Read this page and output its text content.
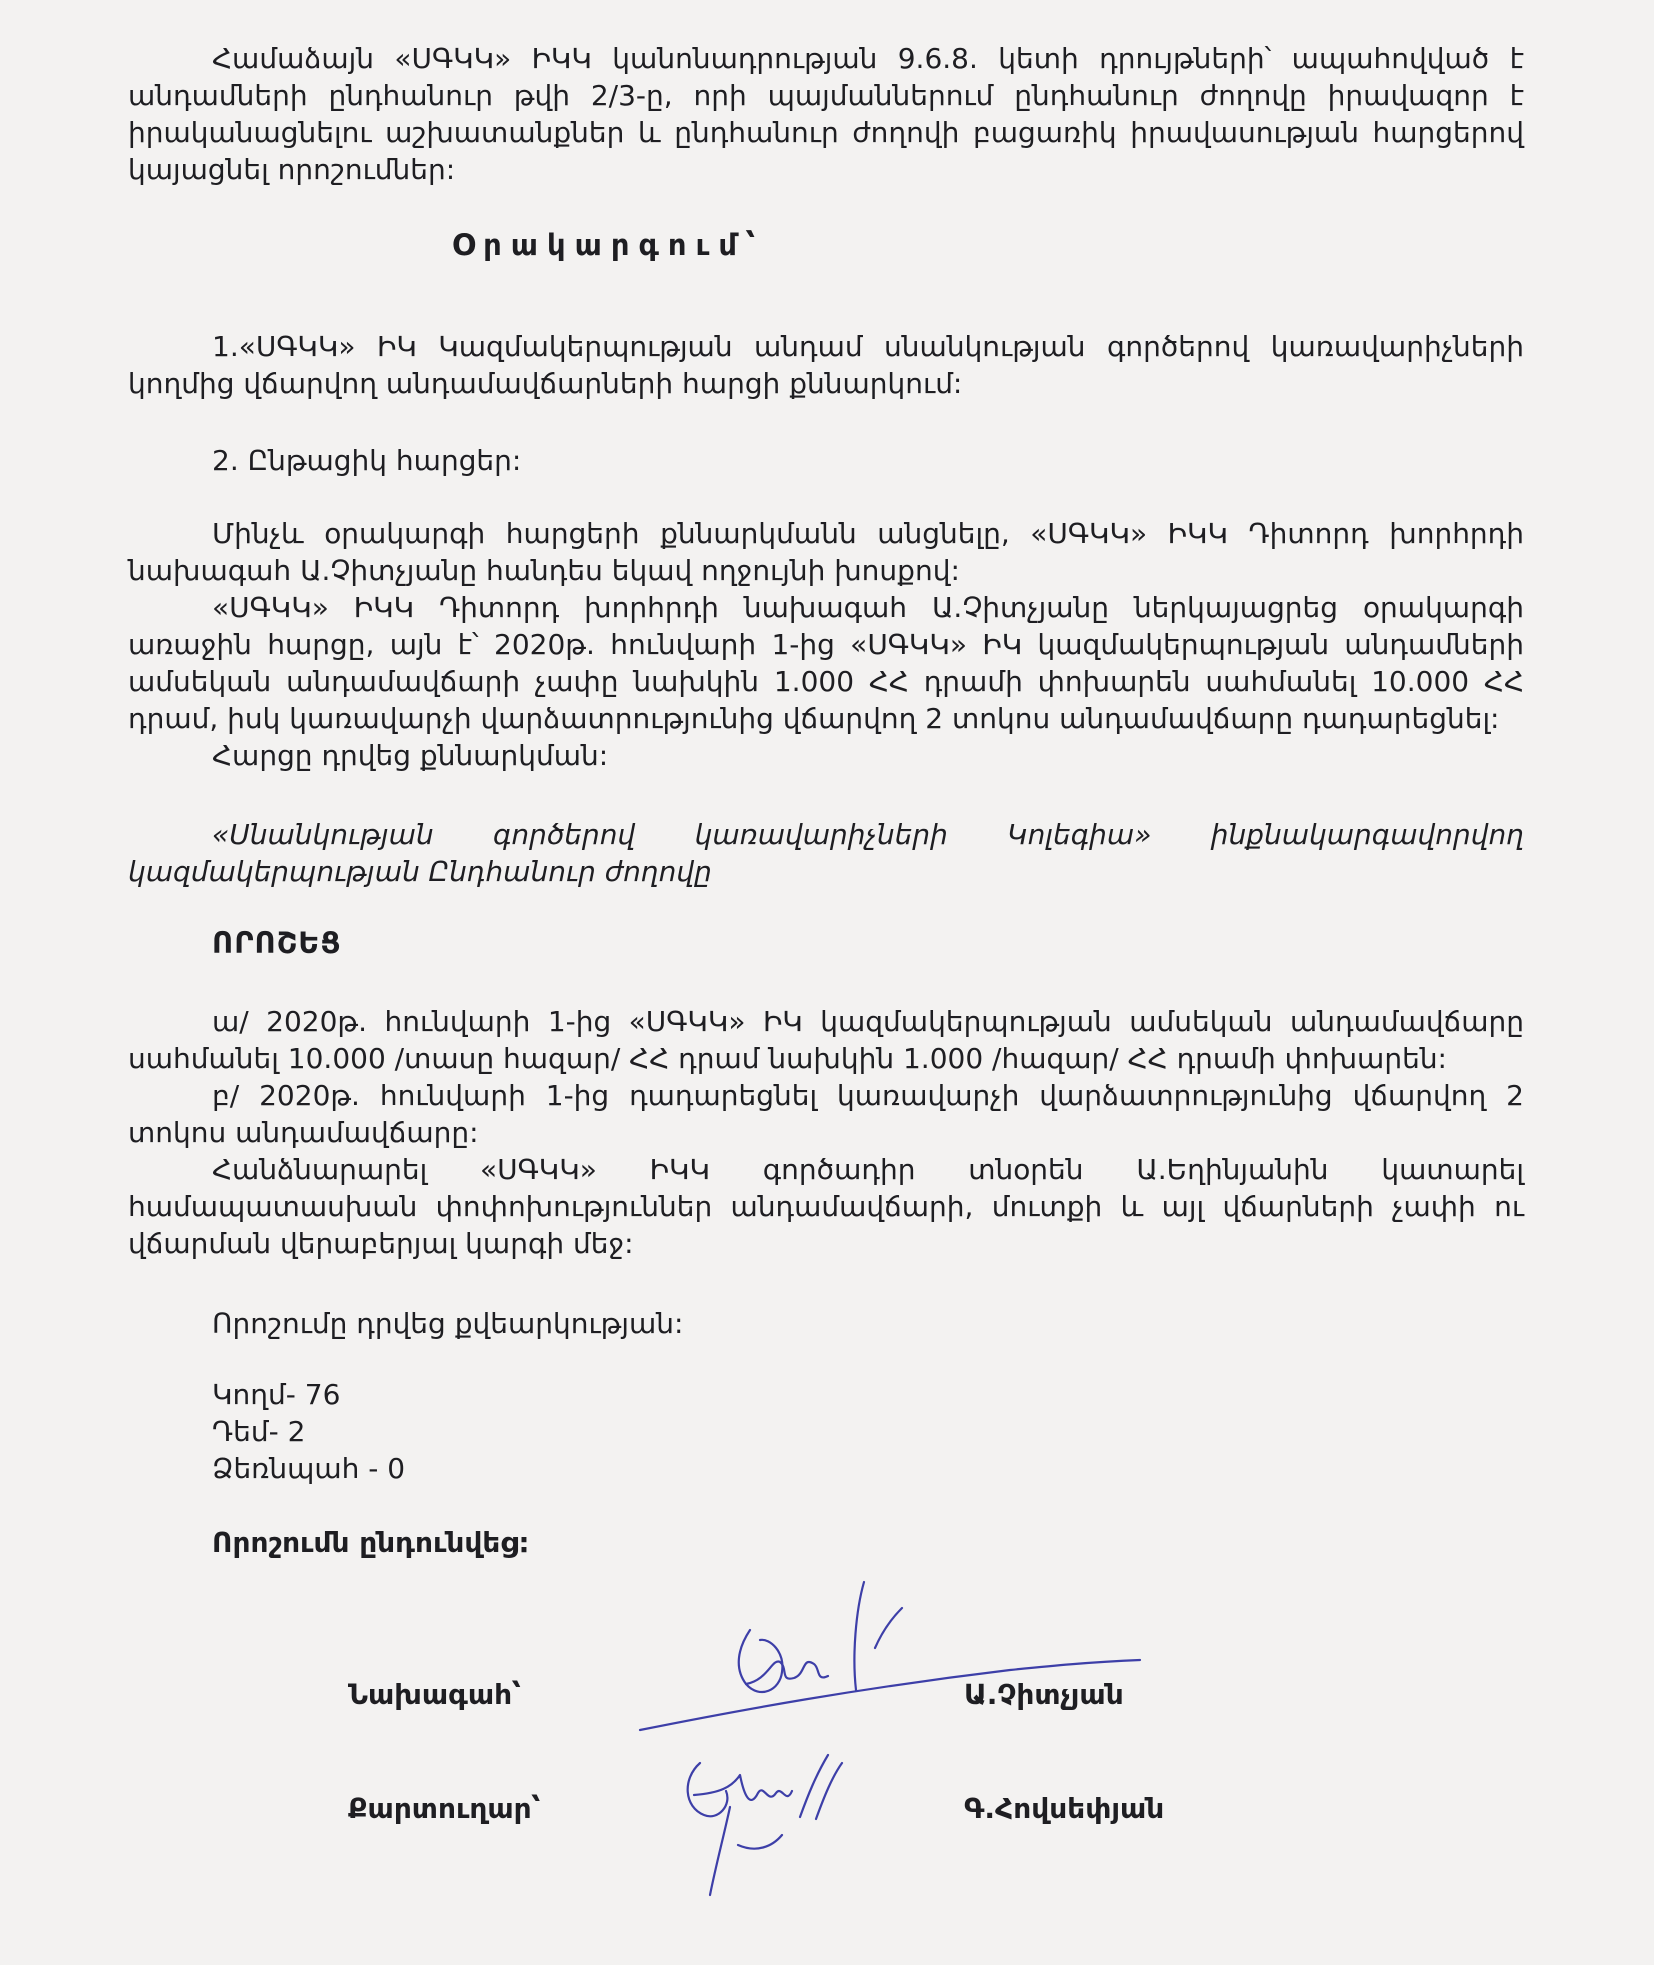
Համաձայն «ՍԳԿԿ» ԻԿԿ կանոնադրության 9.6.8. կետի դրույթների՝ ապահովված է անդամների ընդհանուր թվի 2/3-ը, որի պայմաններում ընդհանուր ժողովը իրավազոր է իրականացնելու աշխատանքներ և ընդհանուր ժողովի բացառիկ իրավասության հարցերով կայացնել որոշումներ:

Օրակարգում՝

1.«ՍԳԿԿ» ԻԿ Կազմակերպության անդամ սնանկության գործերով կառավարիչների կողմից վճարվող անդամավճարների հարցի քննարկում:

2. Ընթացիկ հարցեր:

Մինչև օրակարգի հարցերի քննարկմանն անցնելը, «ՍԳԿԿ» ԻԿԿ Դիտորդ խորհրդի նախագահ Ա.Չիտչյանը հանդես եկավ ողջույնի խոսքով:

«ՍԳԿԿ» ԻԿԿ Դիտորդ խորհրդի նախագահ Ա.Չիտչյանը ներկայացրեց օրակարգի առաջին հարցը, այն է՝ 2020թ. հունվարի 1-ից «ՍԳԿԿ» ԻԿ կազմակերպության անդամների ամսեկան անդամավճարի չափը նախկին 1.000 ՀՀ դրամի փոխարեն սահմանել 10.000 ՀՀ դրամ, իսկ կառավարչի վարձատրությունից վճարվող 2 տոկոս անդամավճարը դադարեցնել:

Հարցը դրվեց քննարկման:

«Սնանկության գործերով կառավարիչների Կոլեգիա» ինքնակարգավորվող կազմակերպության Ընդհանուր ժողովը

ՈՐՈՇԵՑ

ա/ 2020թ. հունվարի 1-ից «ՍԳԿԿ» ԻԿ կազմակերպության ամսեկան անդամավճարը սահմանել 10.000 /տասը հազար/ ՀՀ դրամ նախկին 1.000 /հազար/ ՀՀ դրամի փոխարեն:

բ/ 2020թ. հունվարի 1-ից դադարեցնել կառավարչի վարձատրությունից վճարվող 2 տոկոս անդամավճարը:

Հանձնարարել «ՍԳԿԿ» ԻԿԿ գործադիր տնօրեն Ա.Եղինյանին կատարել համապատասխան փոփոխություններ անդամավճարի, մուտքի և այլ վճարների չափի ու վճարման վերաբերյալ կարգի մեջ:

Որոշումը դրվեց քվեարկության:

Կողմ- 76

Դեմ- 2

Ձեռնպահ - 0

Որոշումն ընդունվեց:

Նախագահ՝	Ա.Չիտչյան

Քարտուղար՝	Գ.Հովսեփյան
